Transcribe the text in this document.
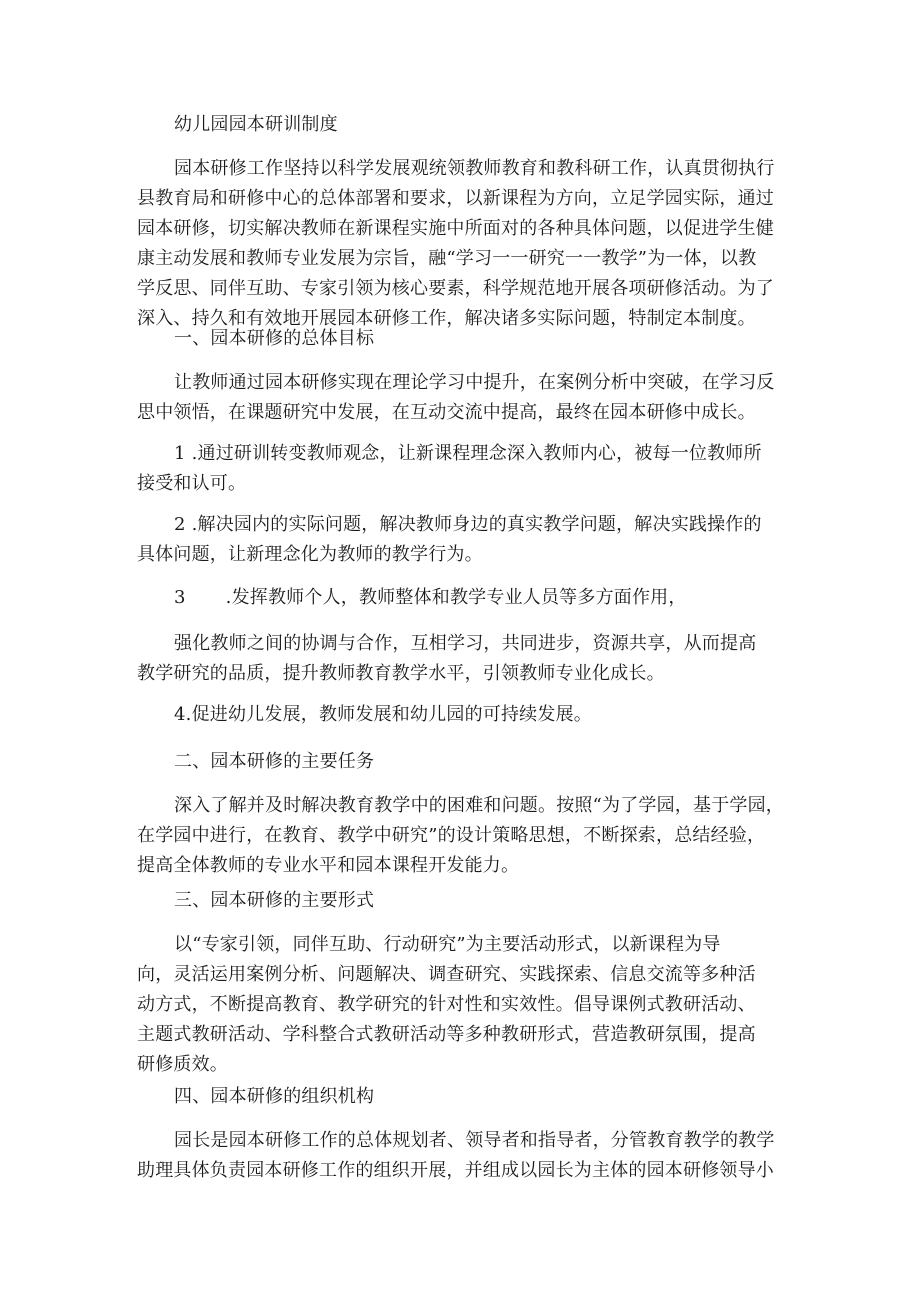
幼儿园园本研训制度
园本研修工作坚持以科学发展观统领教师教育和教科研工作，认真贯彻执行
县教育局和研修中心的总体部署和要求，以新课程为方向，立足学园实际，通过
园本研修，切实解决教师在新课程实施中所面对的各种具体问题，以促进学生健
康主动发展和教师专业发展为宗旨，融“学习一一研究一一教学”为一体，以教
学反思、同伴互助、专家引领为核心要素，科学规范地开展各项研修活动。为了
深入、持久和有效地开展园本研修工作，解决诸多实际问题，特制定本制度。
一、园本研修的总体目标
让教师通过园本研修实现在理论学习中提升，在案例分析中突破，在学习反
思中领悟，在课题研究中发展，在互动交流中提高，最终在园本研修中成长。
1 .通过研训转变教师观念，让新课程理念深入教师内心，被每一位教师所
接受和认可。
2 .解决园内的实际问题，解决教师身边的真实教学问题，解决实践操作的
具体问题，让新理念化为教师的教学行为。
3 .发挥教师个人，教师整体和教学专业人员等多方面作用，
强化教师之间的协调与合作，互相学习，共同进步，资源共享，从而提高
教学研究的品质，提升教师教育教学水平，引领教师专业化成长。
4.促进幼儿发展，教师发展和幼儿园的可持续发展。
二、园本研修的主要任务
深入了解并及时解决教育教学中的困难和问题。按照“为了学园，基于学园，
在学园中进行，在教育、教学中研究”的设计策略思想，不断探索，总结经验，
提高全体教师的专业水平和园本课程开发能力。
三、园本研修的主要形式
以“专家引领，同伴互助、行动研究”为主要活动形式，以新课程为导
向，灵活运用案例分析、问题解决、调查研究、实践探索、信息交流等多种活
动方式，不断提高教育、教学研究的针对性和实效性。倡导课例式教研活动、
主题式教研活动、学科整合式教研活动等多种教研形式，营造教研氛围，提高
研修质效。
四、园本研修的组织机构
园长是园本研修工作的总体规划者、领导者和指导者，分管教育教学的教学
助理具体负责园本研修工作的组织开展，并组成以园长为主体的园本研修领导小
